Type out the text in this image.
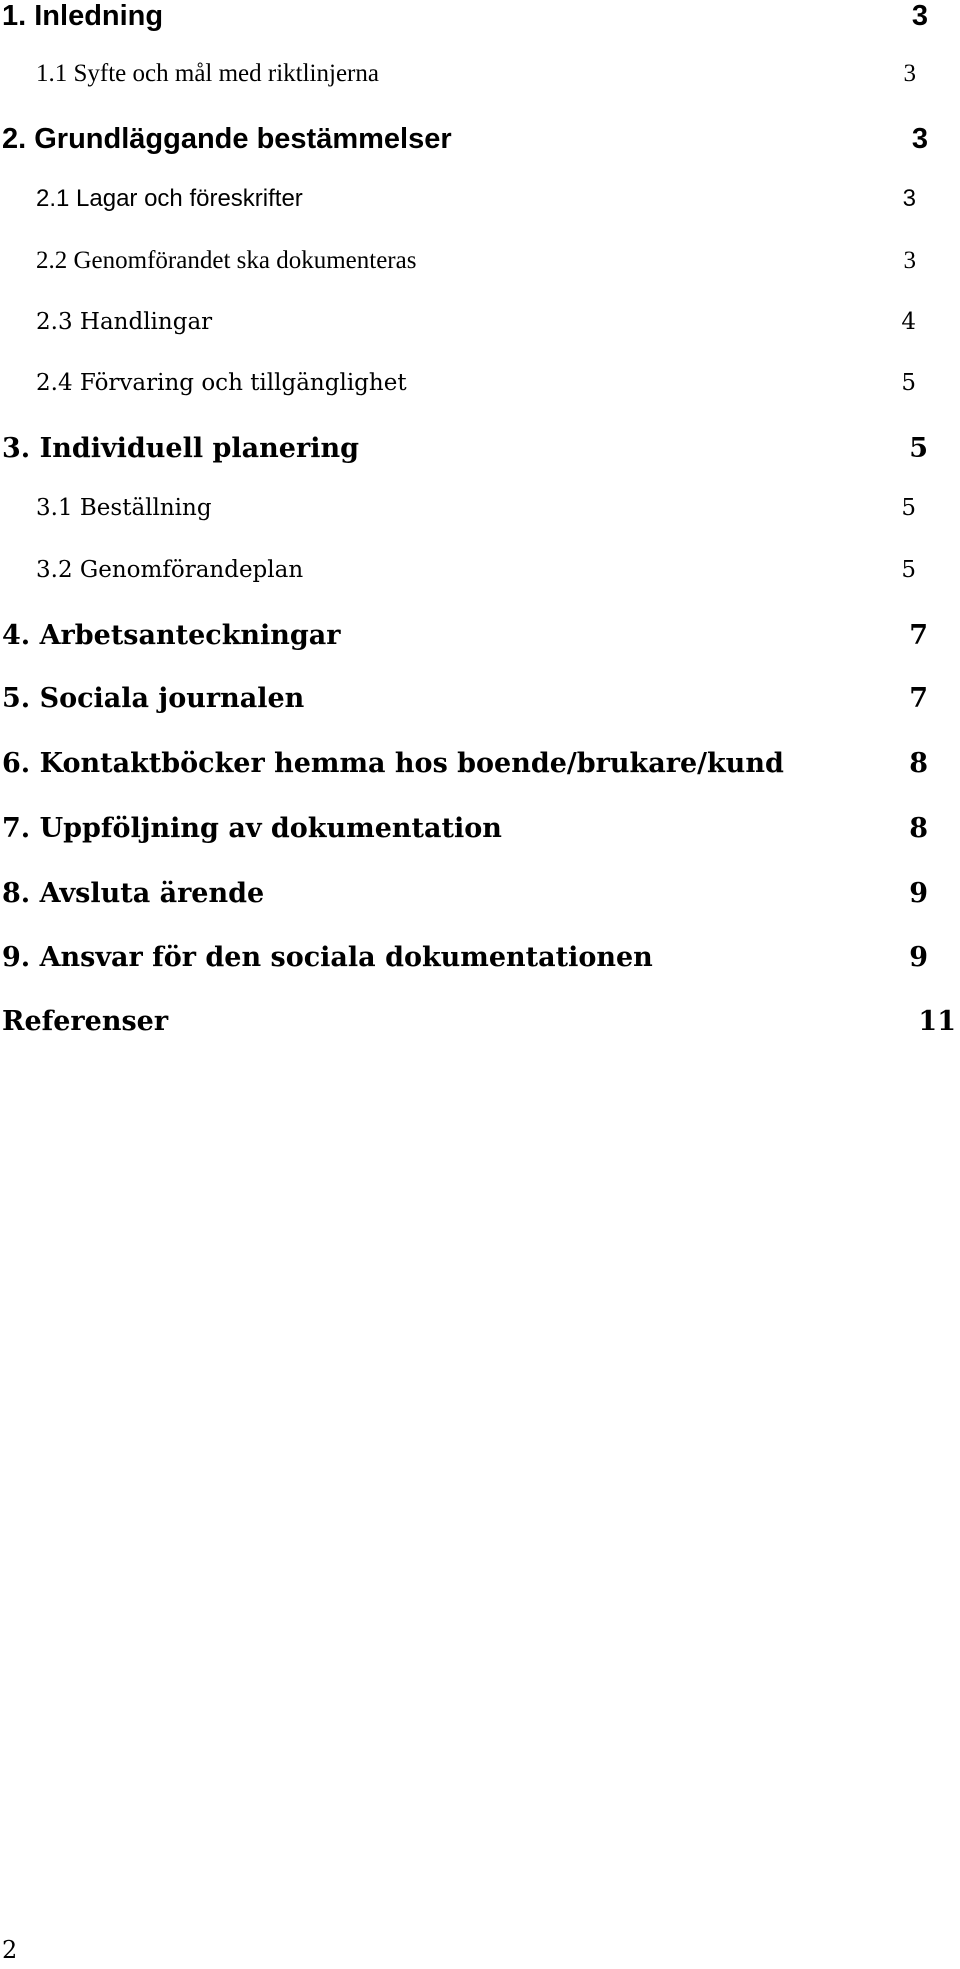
1. Inledning	3
1.1 Syfte och mål med riktlinjerna	3
2. Grundläggande bestämmelser	3
2.1 Lagar och föreskrifter	3
2.2 Genomförandet ska dokumenteras	3
2.3 Handlingar	4
2.4 Förvaring och tillgänglighet	5
3. Individuell planering	5
3.1 Beställning	5
3.2 Genomförandeplan	5
4. Arbetsanteckningar	7
5. Sociala journalen	7
6. Kontaktböcker hemma hos boende/brukare/kund	8
7. Uppföljning av dokumentation	8
8. Avsluta ärende	9
9. Ansvar för den sociala dokumentationen	9
Referenser	11
2
